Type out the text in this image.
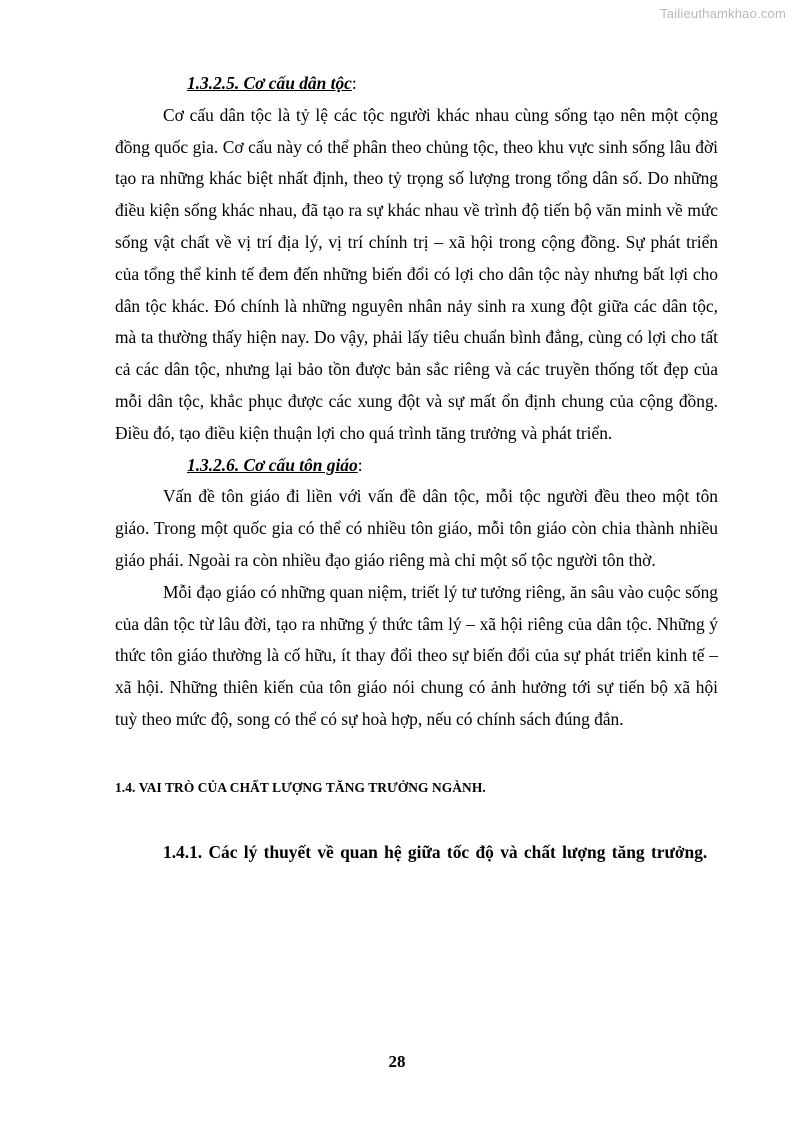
Tailieuthamkhao.com

1.3.2.5. Cơ cấu dân tộc:

Cơ cấu dân tộc là tỷ lệ các tộc người khác nhau cùng sống tạo nên một cộng đồng quốc gia. Cơ cấu này có thể phân theo chủng tộc, theo khu vực sinh sống lâu đời tạo ra những khác biệt nhất định, theo tỷ trọng số lượng trong tổng dân số. Do những điều kiện sống khác nhau, đã tạo ra sự khác nhau về trình độ tiến bộ văn minh về mức sống vật chất về vị trí địa lý, vị trí chính trị – xã hội trong cộng đồng. Sự phát triển của tổng thể kinh tế đem đến những biến đổi có lợi cho dân tộc này nhưng bất lợi cho dân tộc khác. Đó chính là những nguyên nhân nảy sinh ra xung đột giữa các dân tộc, mà ta thường thấy hiện nay. Do vậy, phải lấy tiêu chuẩn bình đẳng, cùng có lợi cho tất cả các dân tộc, nhưng lại bảo tồn được bản sắc riêng và các truyền thống tốt đẹp của mỗi dân tộc, khắc phục được các xung đột và sự mất ổn định chung của cộng đồng. Điều đó, tạo điều kiện thuận lợi cho quá trình tăng trưởng và phát triển.

1.3.2.6. Cơ cấu tôn giáo:

Vấn đề tôn giáo đi liền với vấn đề dân tộc, mỗi tộc người đều theo một tôn giáo. Trong một quốc gia có thể có nhiều tôn giáo, mỗi tôn giáo còn chia thành nhiều giáo phái. Ngoài ra còn nhiều đạo giáo riêng mà chỉ một số tộc người tôn thờ.

Mỗi đạo giáo có những quan niệm, triết lý tư tưởng riêng, ăn sâu vào cuộc sống của dân tộc từ lâu đời, tạo ra những ý thức tâm lý – xã hội riêng của dân tộc. Những ý thức tôn giáo thường là cố hữu, ít thay đổi theo sự biến đổi của sự phát triển kinh tế – xã hội. Những thiên kiến của tôn giáo nói chung có ảnh hưởng tới sự tiến bộ xã hội tuỳ theo mức độ, song có thể có sự hoà hợp, nếu có chính sách đúng đắn.

1.4. VAI TRÒ CỦA CHẤT LƯỢNG TĂNG TRƯỞNG NGÀNH.

1.4.1. Các lý thuyết về quan hệ giữa tốc độ và chất lượng tăng trưởng.

28
